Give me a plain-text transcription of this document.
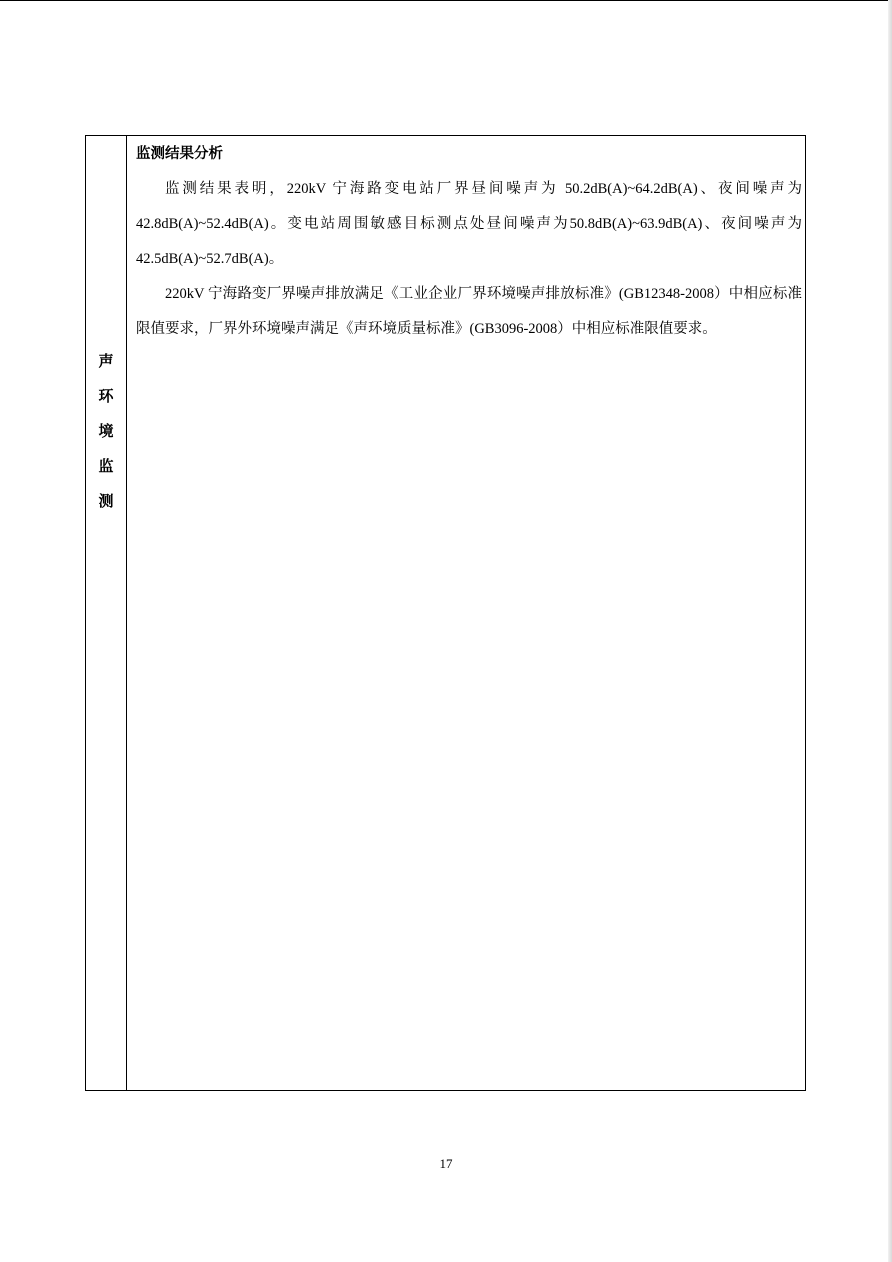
声
环
境
监
测
监测结果分析

监测结果表明，220kV 宁海路变电站厂界昼间噪声为 50.2dB(A)~64.2dB(A)、夜间噪声为42.8dB(A)~52.4dB(A)。变电站周围敏感目标测点处昼间噪声为50.8dB(A)~63.9dB(A)、夜间噪声为42.5dB(A)~52.7dB(A)。

220kV 宁海路变厂界噪声排放满足《工业企业厂界环境噪声排放标准》(GB12348-2008）中相应标准限值要求，厂界外环境噪声满足《声环境质量标准》(GB3096-2008）中相应标准限值要求。

17
